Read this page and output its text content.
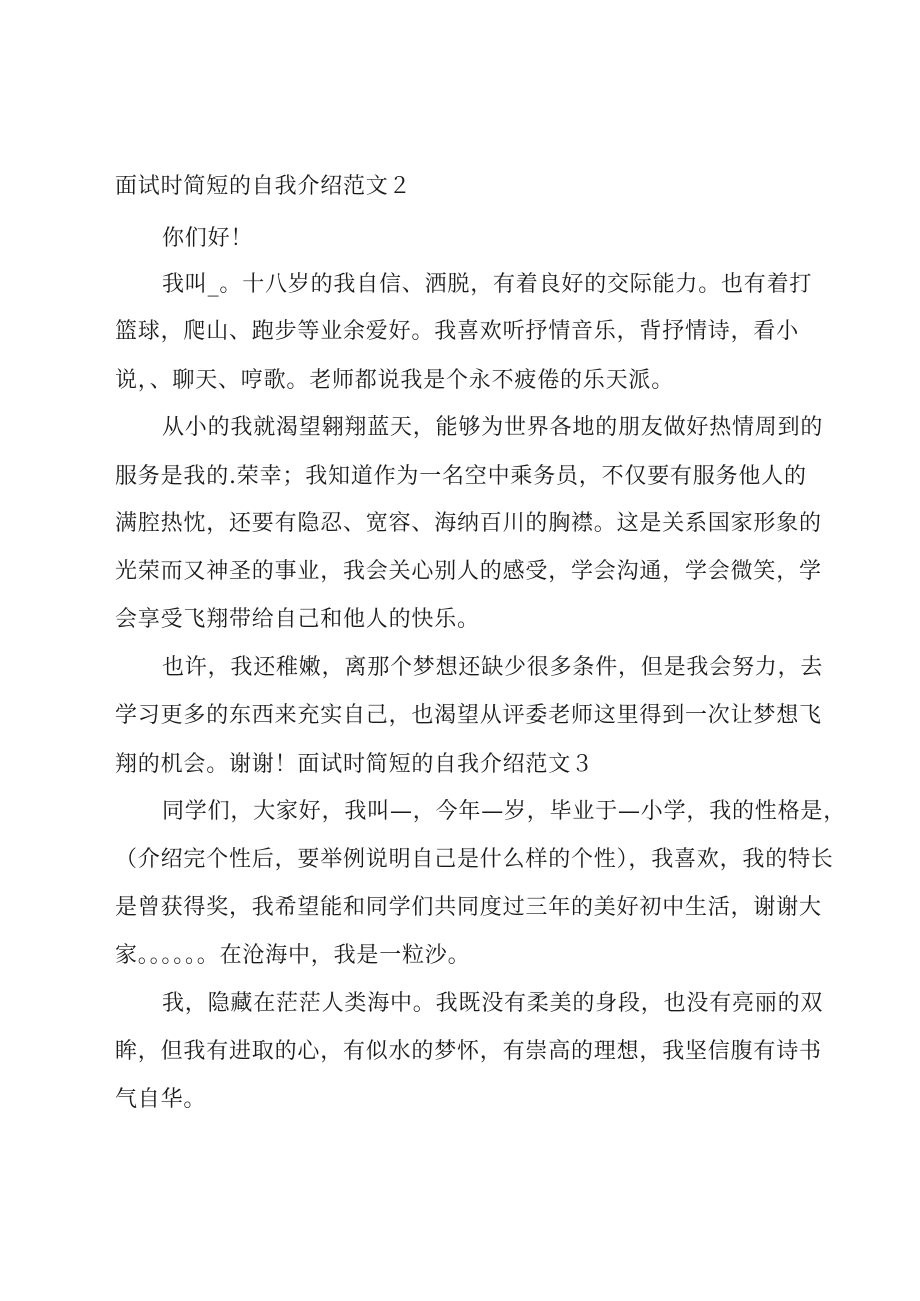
面试时简短的自我介绍范文２

你们好！

我叫_。十八岁的我自信、洒脱，有着良好的交际能力。也有着打

篮球，爬山、跑步等业余爱好。我喜欢听抒情音乐，背抒情诗，看小

说，、聊天、哼歌。老师都说我是个永不疲倦的乐天派。

从小的我就渴望翱翔蓝天，能够为世界各地的朋友做好热情周到的

服务是我的.荣幸；我知道作为一名空中乘务员，不仅要有服务他人的

满腔热忱，还要有隐忍、宽容、海纳百川的胸襟。这是关系国家形象的

光荣而又神圣的事业，我会关心别人的感受，学会沟通，学会微笑，学

会享受飞翔带给自己和他人的快乐。

也许，我还稚嫩，离那个梦想还缺少很多条件，但是我会努力，去

学习更多的东西来充实自己，也渴望从评委老师这里得到一次让梦想飞

翔的机会。谢谢！面试时简短的自我介绍范文３

同学们，大家好，我叫—，今年—岁，毕业于—小学，我的性格是，

（介绍完个性后，要举例说明自己是什么样的个性），我喜欢，我的特长

是曾获得奖，我希望能和同学们共同度过三年的美好初中生活，谢谢大

家。。。。。。在沧海中，我是一粒沙。

我，隐藏在茫茫人类海中。我既没有柔美的身段，也没有亮丽的双

眸，但我有进取的心，有似水的梦怀，有崇高的理想，我坚信腹有诗书

气自华。
